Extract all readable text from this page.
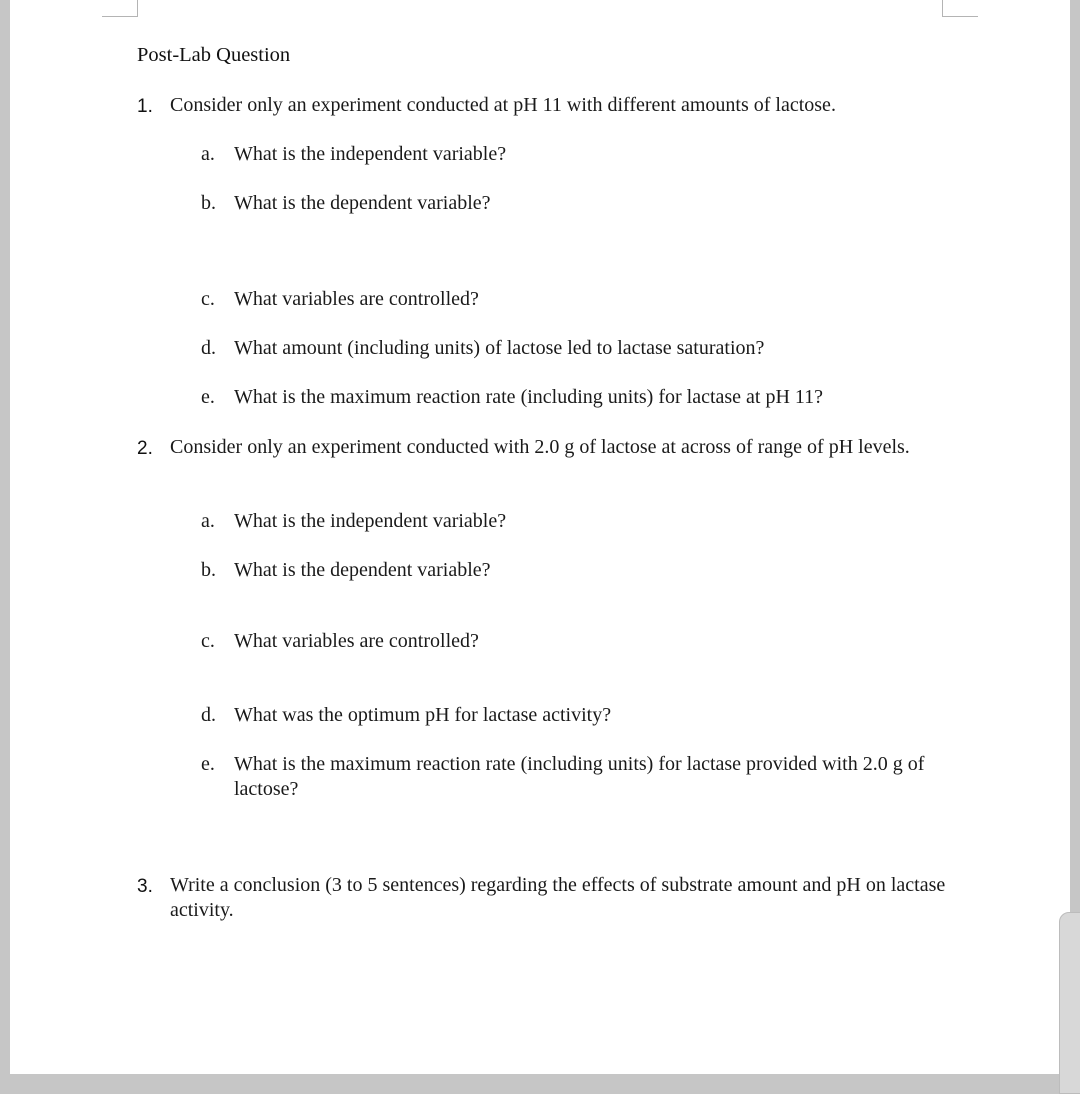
Post-Lab Question
1. Consider only an experiment conducted at pH 11 with different amounts of lactose.
a. What is the independent variable?
b. What is the dependent variable?
c. What variables are controlled?
d. What amount (including units) of lactose led to lactase saturation?
e. What is the maximum reaction rate (including units) for lactase at pH 11?
2. Consider only an experiment conducted with 2.0 g of lactose at across of range of pH levels.
a. What is the independent variable?
b. What is the dependent variable?
c. What variables are controlled?
d. What was the optimum pH for lactase activity?
e. What is the maximum reaction rate (including units) for lactase provided with 2.0 g of lactose?
3. Write a conclusion (3 to 5 sentences) regarding the effects of substrate amount and pH on lactase activity.
